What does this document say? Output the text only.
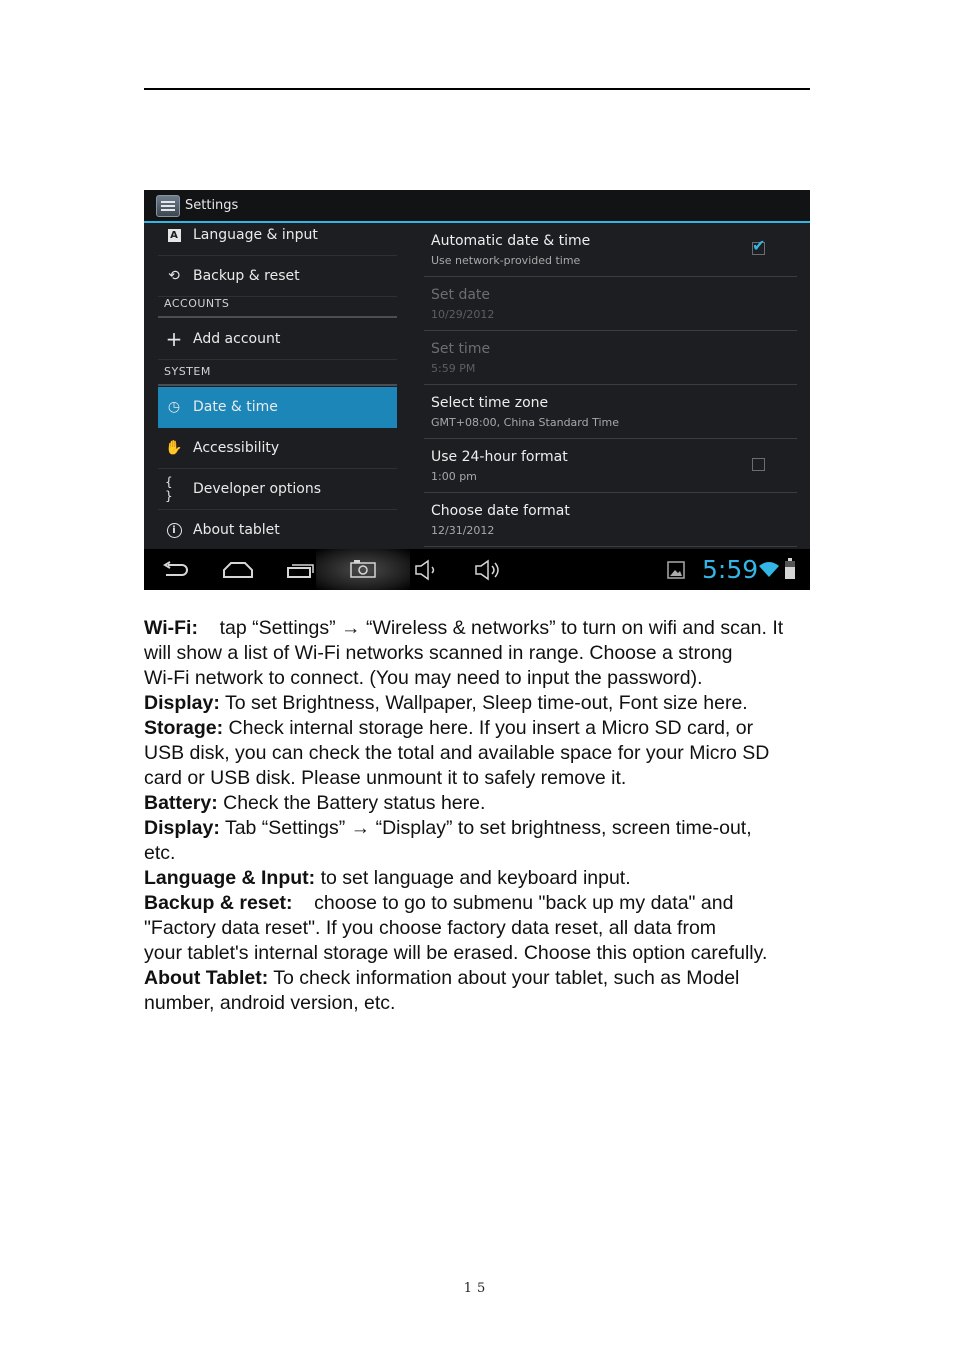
Settings
A Language & input
⟲ Backup & reset
ACCOUNTS
+ Add account
SYSTEM
◷ Date & time
✋ Accessibility
{ }	Developer options
i	About tablet
Automatic date & time
Use network-provided time
✔
Set date
10/29/2012
Set time
5:59 PM
Select time zone
GMT+08:00, China Standard Time
Use 24-hour format
1:00 pm
Choose date format
12/31/2012
5:59

Wi-Fi: tap “Settings” → “Wireless & networks” to turn on wifi and scan. It

will show a list of Wi-Fi networks scanned in range. Choose a strong

Wi-Fi network to connect. (You may need to input the password).

Display: To set Brightness, Wallpaper, Sleep time-out, Font size here.

Storage: Check internal storage here. If you insert a Micro SD card, or

USB disk, you can check the total and available space for your Micro SD

card or USB disk. Please unmount it to safely remove it.

Battery: Check the Battery status here.

Display: Tab “Settings” → “Display” to set brightness, screen time-out,

etc.

Language & Input: to set language and keyboard input.

Backup & reset: choose to go to submenu "back up my data" and

"Factory data reset". If you choose factory data reset, all data from

your tablet's internal storage will be erased. Choose this option carefully.

About Tablet: To check information about your tablet, such as Model

number, android version, etc.

15
